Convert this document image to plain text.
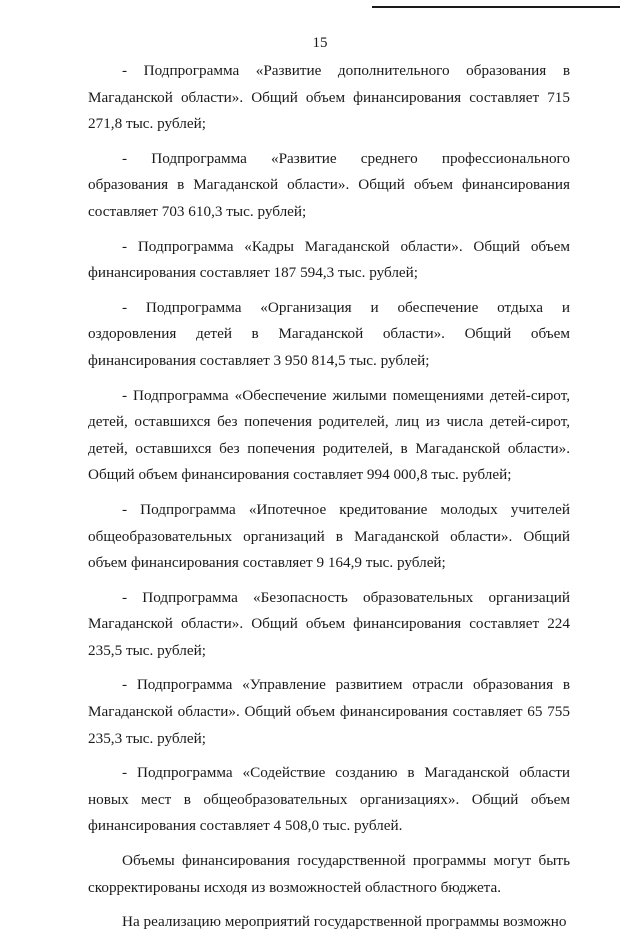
15

- Подпрограмма «Развитие дополнительного образования в Магаданской области». Общий объем финансирования составляет 715 271,8 тыс. рублей;

- Подпрограмма «Развитие среднего профессионального образования в Магаданской области». Общий объем финансирования составляет 703 610,3 тыс. рублей;

- Подпрограмма «Кадры Магаданской области». Общий объем финансирования составляет 187 594,3 тыс. рублей;

- Подпрограмма «Организация и обеспечение отдыха и оздоровления детей в Магаданской области». Общий объем финансирования составляет 3 950 814,5 тыс. рублей;

- Подпрограмма «Обеспечение жилыми помещениями детей-сирот, детей, оставшихся без попечения родителей, лиц из числа детей-сирот, детей, оставшихся без попечения родителей, в Магаданской области». Общий объем финансирования составляет 994 000,8 тыс. рублей;

- Подпрограмма «Ипотечное кредитование молодых учителей общеобразовательных организаций в Магаданской области». Общий объем финансирования составляет 9 164,9 тыс. рублей;

- Подпрограмма «Безопасность образовательных организаций Магаданской области». Общий объем финансирования составляет 224 235,5 тыс. рублей;

- Подпрограмма «Управление развитием отрасли образования в Магаданской области». Общий объем финансирования составляет 65 755 235,3 тыс. рублей;

- Подпрограмма «Содействие созданию в Магаданской области новых мест в общеобразовательных организациях». Общий объем финансирования составляет 4 508,0 тыс. рублей.

Объемы финансирования государственной программы могут быть скорректированы исходя из возможностей областного бюджета.

На реализацию мероприятий государственной программы возможно
